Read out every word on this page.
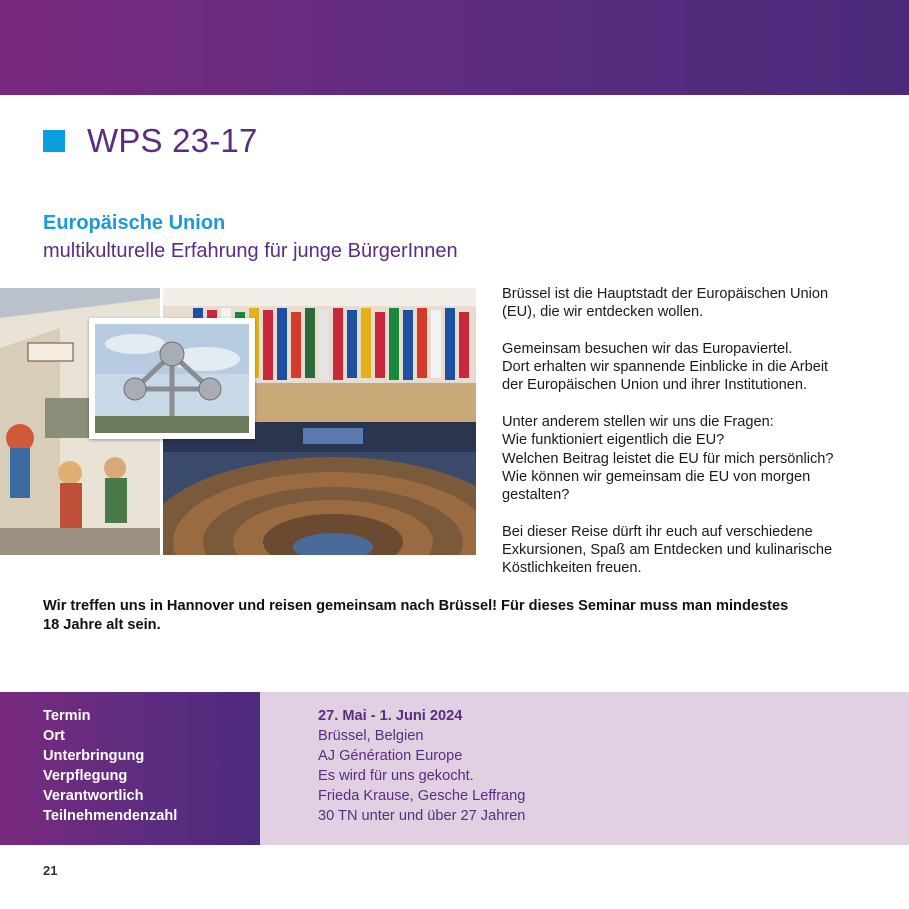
WPS 23-17
Europäische Union
multikulturelle Erfahrung für junge BürgerInnen

Brüssel ist die Hauptstadt der Europäischen Union
(EU), die wir entdecken wollen.

Gemeinsam besuchen wir das Europaviertel.
Dort erhalten wir spannende Einblicke in die Arbeit
der Europäischen Union und ihrer Institutionen.

Unter anderem stellen wir uns die Fragen:
Wie funktioniert eigentlich die EU?
Welchen Beitrag leistet die EU für mich persönlich?
Wie können wir gemeinsam die EU von morgen
gestalten?

Bei dieser Reise dürft ihr euch auf verschiedene
Exkursionen, Spaß am Entdecken und kulinarische
Köstlichkeiten freuen.

Wir treffen uns in Hannover und reisen gemeinsam nach Brüssel! Für dieses Seminar muss man mindestes
18 Jahre alt sein.
Termin
Ort
Unterbringung
Verpflegung
Verantwortlich
Teilnehmendenzahl
27. Mai - 1. Juni 2024
Brüssel, Belgien
AJ Génération Europe
Es wird für uns gekocht.
Frieda Krause, Gesche Leffrang
30 TN unter und über 27 Jahren
21
